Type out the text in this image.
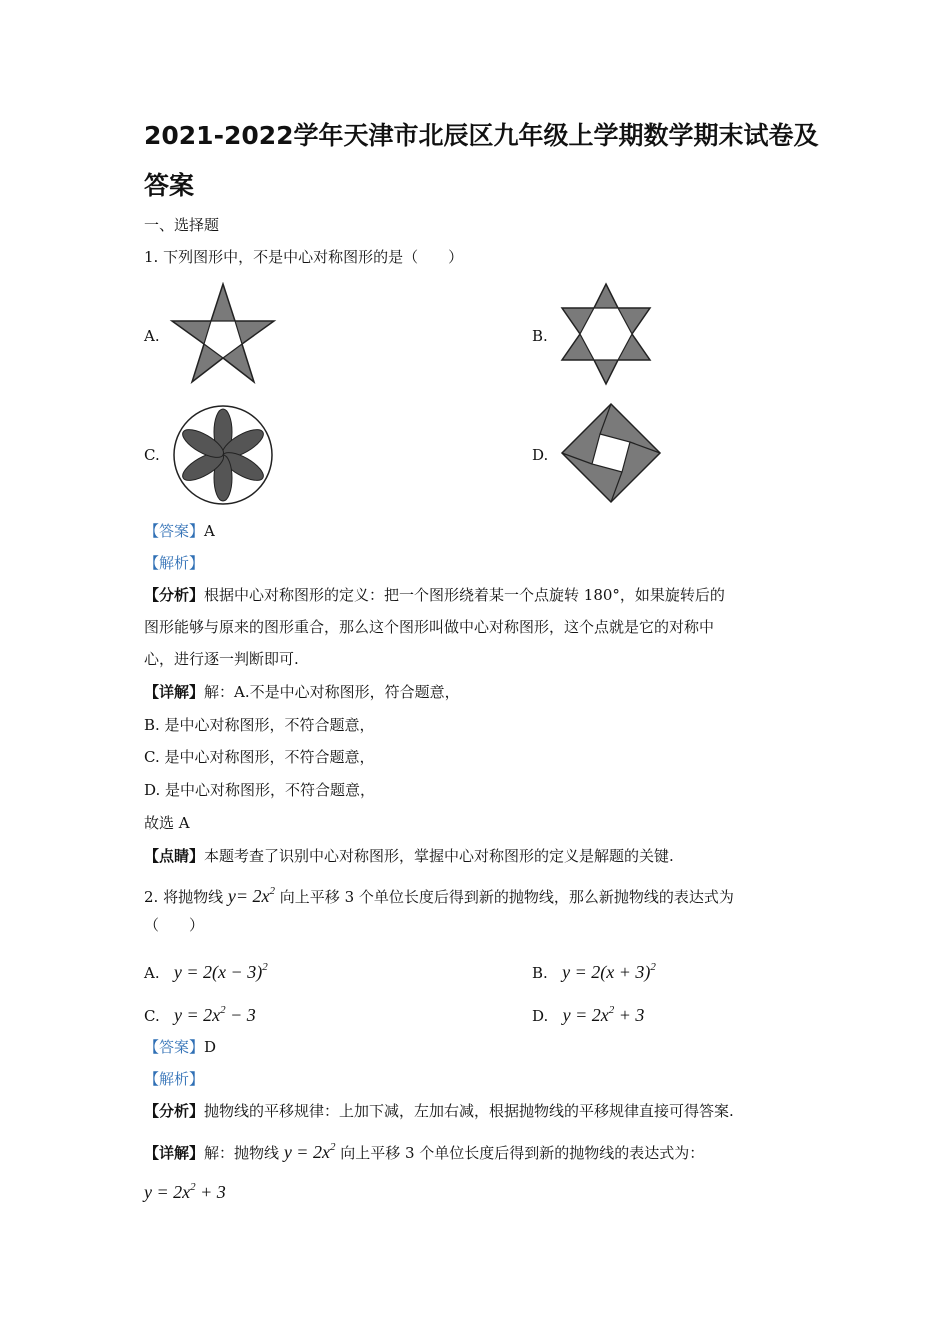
2021-2022学年天津市北辰区九年级上学期数学期末试卷及
答案
一、选择题
1. 下列图形中，不是中心对称图形的是（　　）
A.	B.
C.	D.
【答案】A
【解析】
【分析】根据中心对称图形的定义：把一个图形绕着某一个点旋转 180°，如果旋转后的
图形能够与原来的图形重合，那么这个图形叫做中心对称图形，这个点就是它的对称中
心，进行逐一判断即可.
【详解】解：A.不是中心对称图形，符合题意，
B. 是中心对称图形，不符合题意，
C. 是中心对称图形，不符合题意，
D. 是中心对称图形，不符合题意，
故选 A
【点睛】本题考查了识别中心对称图形，掌握中心对称图形的定义是解题的关键.
2. 将抛物线 $y= 2x^2$ 向上平移 3 个单位长度后得到新的抛物线，那么新抛物线的表达式为
（　　）
A. $y = 2(x - 3)^2$	B. $y = 2(x + 3)^2$
C. $y = 2x^2 - 3$	D. $y = 2x^2 + 3$
【答案】D
【解析】
【分析】抛物线的平移规律：上加下减，左加右减，根据抛物线的平移规律直接可得答案.
【详解】解：抛物线 $y = 2x^2$ 向上平移 3 个单位长度后得到新的抛物线的表达式为：
$y = 2x^2 + 3$
